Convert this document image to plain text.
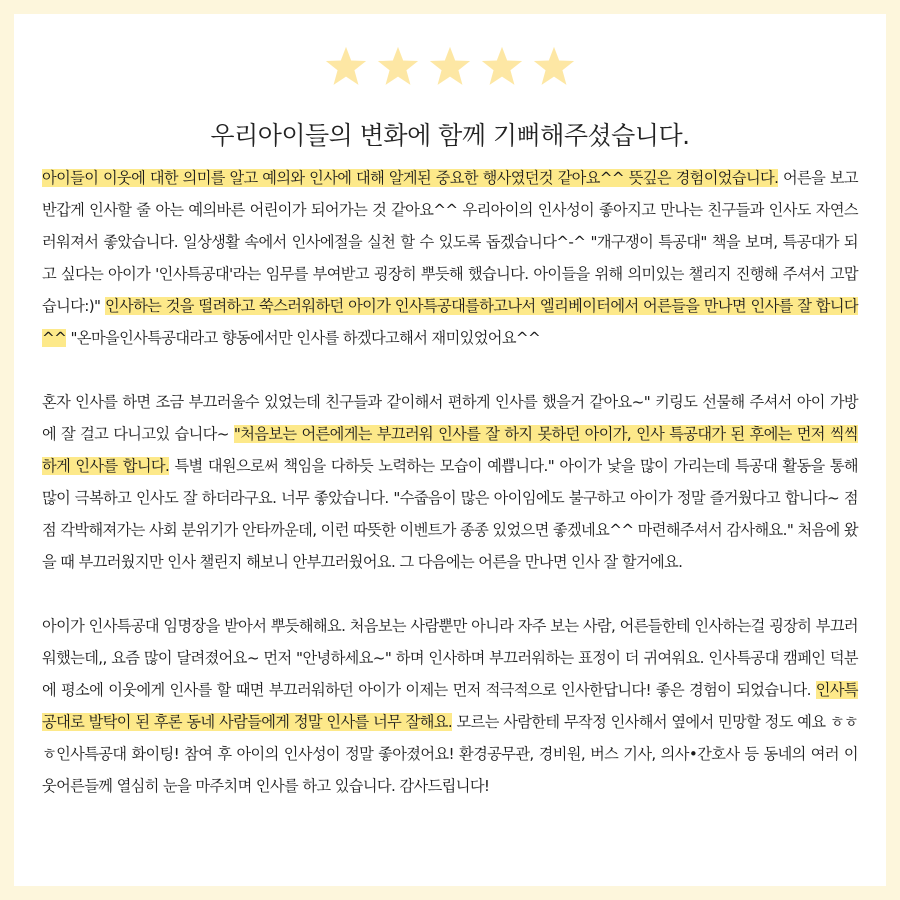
우리아이들의 변화에 함께 기뻐해주셨습니다.

아이들이 이웃에 대한 의미를 알고 예의와 인사에 대해 알게된 중요한 행사였던것 같아요^^ 뜻깊은 경험이었습니다. 어른을 보고 반갑게 인사할 줄 아는 예의바른 어린이가 되어가는 것 같아요^^ 우리아이의 인사성이 좋아지고 만나는 친구들과 인사도 자연스러워져서 좋았습니다. 일상생활 속에서 인사에절을 실천 할 수 있도록 돕겠습니다^-^ "개구쟁이 특공대" 책을 보며, 특공대가 되고 싶다는 아이가 '인사특공대'라는 임무를 부여받고 굉장히 뿌듯해 했습니다. 아이들을 위해 의미있는 챌리지 진행해 주셔서 고맙습니다:)" 인사하는 것을 떨려하고 쑥스러워하던 아이가 인사특공대를하고나서 엘리베이터에서 어른들을 만나면 인사를 잘 합니다^^ "온마을인사특공대라고 향동에서만 인사를 하겠다고해서 재미있었어요^^

혼자 인사를 하면 조금 부끄러울수 있었는데 친구들과 같이해서 편하게 인사를 했을거 같아요~" 키링도 선물해 주셔서 아이 가방에 잘 걸고 다니고있 습니다~ "처음보는 어른에게는 부끄러워 인사를 잘 하지 못하던 아이가, 인사 특공대가 된 후에는 먼저 씩씩하게 인사를 합니다. 특별 대원으로써 책임을 다하듯 노력하는 모습이 예쁩니다." 아이가 낯을 많이 가리는데 특공대 활동을 통해 많이 극복하고 인사도 잘 하더라구요. 너무 좋았습니다. "수줍음이 많은 아이임에도 불구하고 아이가 정말 즐거웠다고 합니다~ 점점 각박해져가는 사회 분위기가 안타까운데, 이런 따뜻한 이벤트가 종종 있었으면 좋겠네요^^ 마련해주셔서 감사해요." 처음에 왔을 때 부끄러웠지만 인사 챌린지 해보니 안부끄러웠어요. 그 다음에는 어른을 만나면 인사 잘 할거에요.

아이가 인사특공대 임명장을 받아서 뿌듯해해요. 처음보는 사람뿐만 아니라 자주 보는 사람, 어른들한테 인사하는걸 굉장히 부끄러워했는데,, 요즘 많이 달려졌어요~ 먼저 "안녕하세요~" 하며 인사하며 부끄러워하는 표정이 더 귀여워요. 인사특공대 캠페인 덕분에 평소에 이웃에게 인사를 할 때면 부끄러워하던 아이가 이제는 먼저 적극적으로 인사한답니다! 좋은 경험이 되었습니다. 인사특공대로 발탁이 된 후론 동네 사람들에게 정말 인사를 너무 잘해요. 모르는 사람한테 무작정 인사해서 옆에서 민망할 정도 예요 ㅎㅎㅎ인사특공대 화이팅! 참여 후 아이의 인사성이 정말 좋아졌어요! 환경공무관, 경비원, 버스 기사, 의사•간호사 등 동네의 여러 이웃어른들께 열심히 눈을 마주치며 인사를 하고 있습니다. 감사드립니다!
